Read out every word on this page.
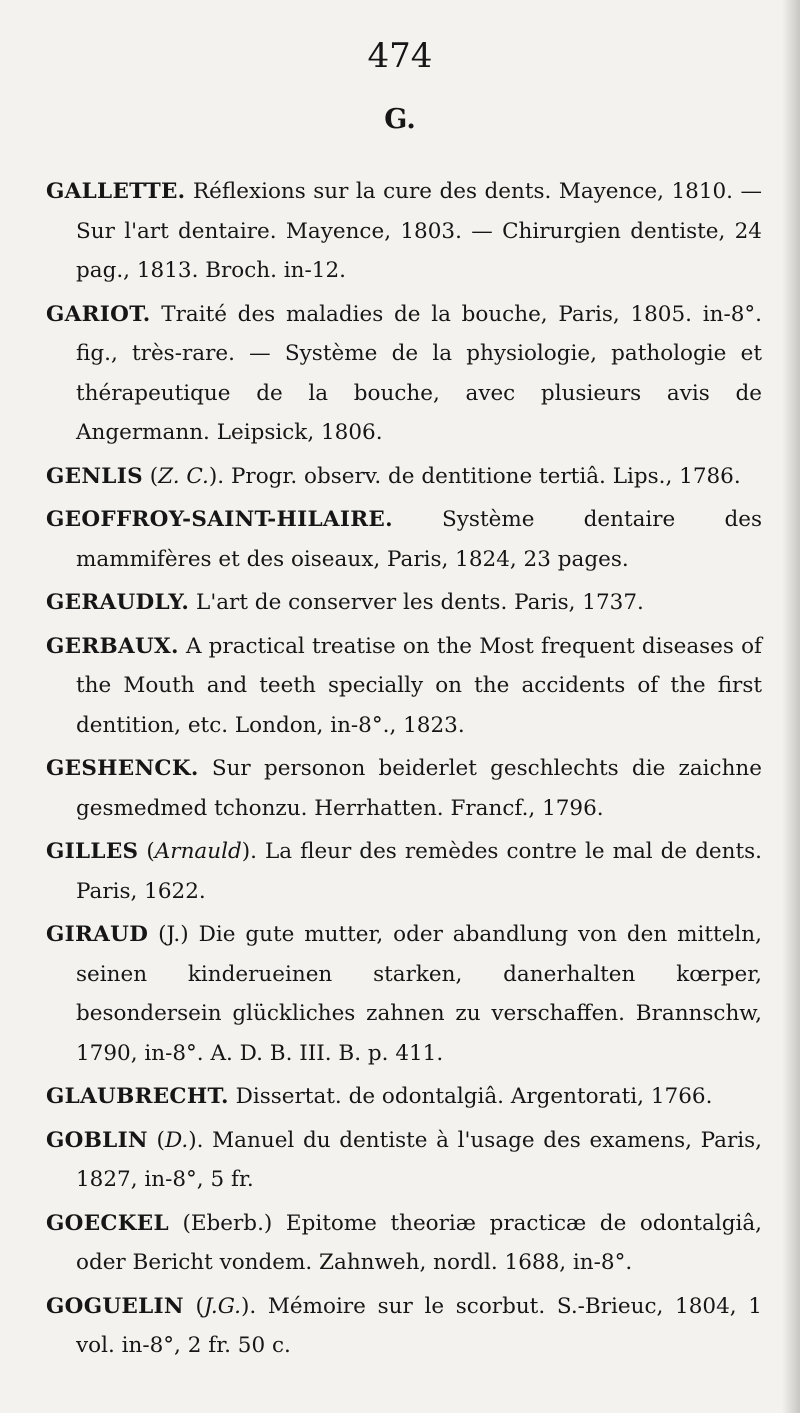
474
G.

GALLETTE. Réflexions sur la cure des dents. Mayence, 1810. —Sur l'art dentaire. Mayence, 1803. — Chirurgien dentiste, 24 pag., 1813. Broch. in-12.

GARIOT. Traité des maladies de la bouche, Paris, 1805. in-8°. fig., très-rare. — Système de la physiologie, pathologie et thérapeutique de la bouche, avec plusieurs avis de Angermann. Leipsick, 1806.

GENLIS (Z. C.). Progr. observ. de dentitione tertiâ. Lips., 1786.

GEOFFROY-SAINT-HILAIRE. Système dentaire des mammifères et des oiseaux, Paris, 1824, 23 pages.

GERAUDLY. L'art de conserver les dents. Paris, 1737.

GERBAUX. A practical treatise on the Most frequent diseases of the Mouth and teeth specially on the accidents of the first dentition, etc. London, in-8°., 1823.

GESHENCK. Sur personon beiderlet geschlechts die zaichne gesmedmed tchonzu. Herrhatten. Francf., 1796.

GILLES (Arnauld). La fleur des remèdes contre le mal de dents. Paris, 1622.

GIRAUD (J.) Die gute mutter, oder abandlung von den mitteln, seinen kinderueinen starken, danerhalten kœrper, besondersein glückliches zahnen zu verschaffen. Brannschw, 1790, in-8°. A. D. B. III. B. p. 411.

GLAUBRECHT. Dissertat. de odontalgiâ. Argentorati, 1766.

GOBLIN (D.). Manuel du dentiste à l'usage des examens, Paris, 1827, in-8°, 5 fr.

GOECKEL (Eberb.) Epitome theoriæ practicæ de odontalgiâ, oder Bericht vondem. Zahnweh, nordl. 1688, in-8°.

GOGUELIN (J.G.). Mémoire sur le scorbut. S.-Brieuc, 1804, 1 vol. in-8°, 2 fr. 50 c.
